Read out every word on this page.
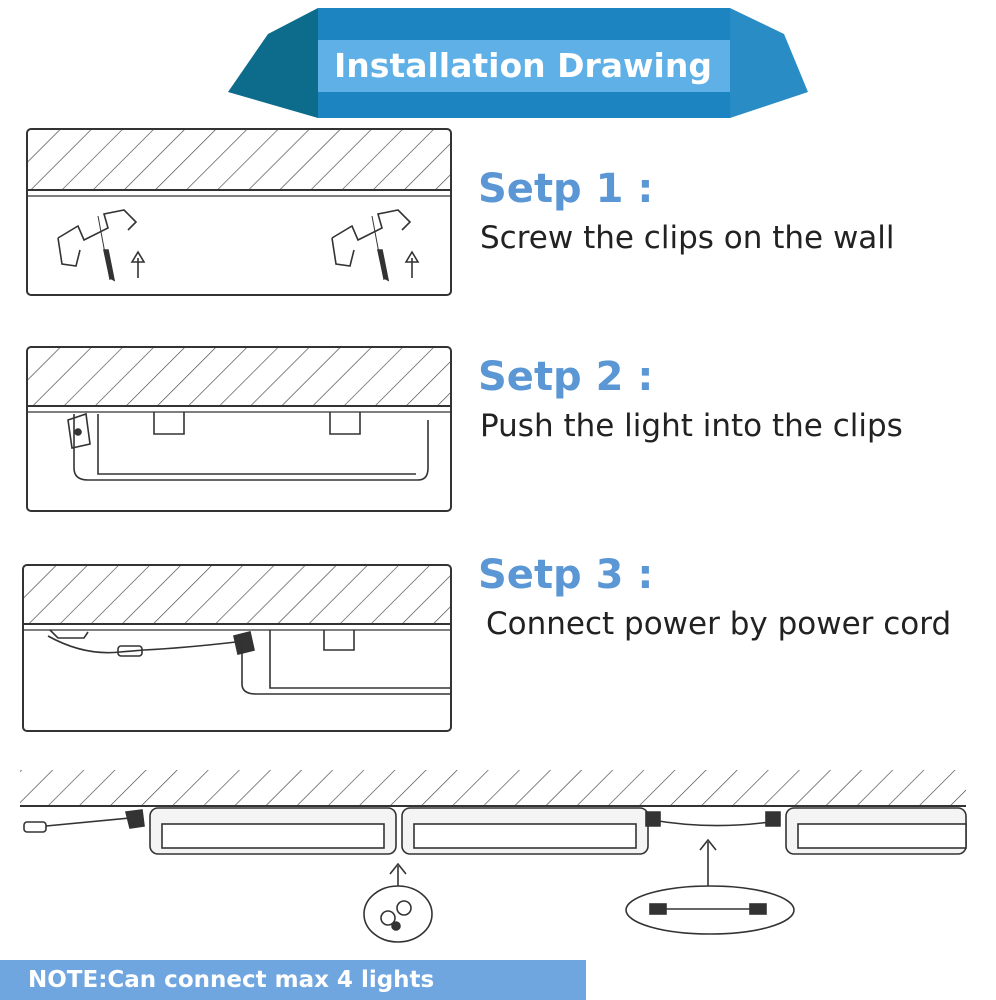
Installation Drawing
Setp 1 :
Screw the clips on the wall
Setp 2 :
Push the light into the clips
Setp 3 :
Connect power by power cord
NOTE:Can connect max 4 lights
